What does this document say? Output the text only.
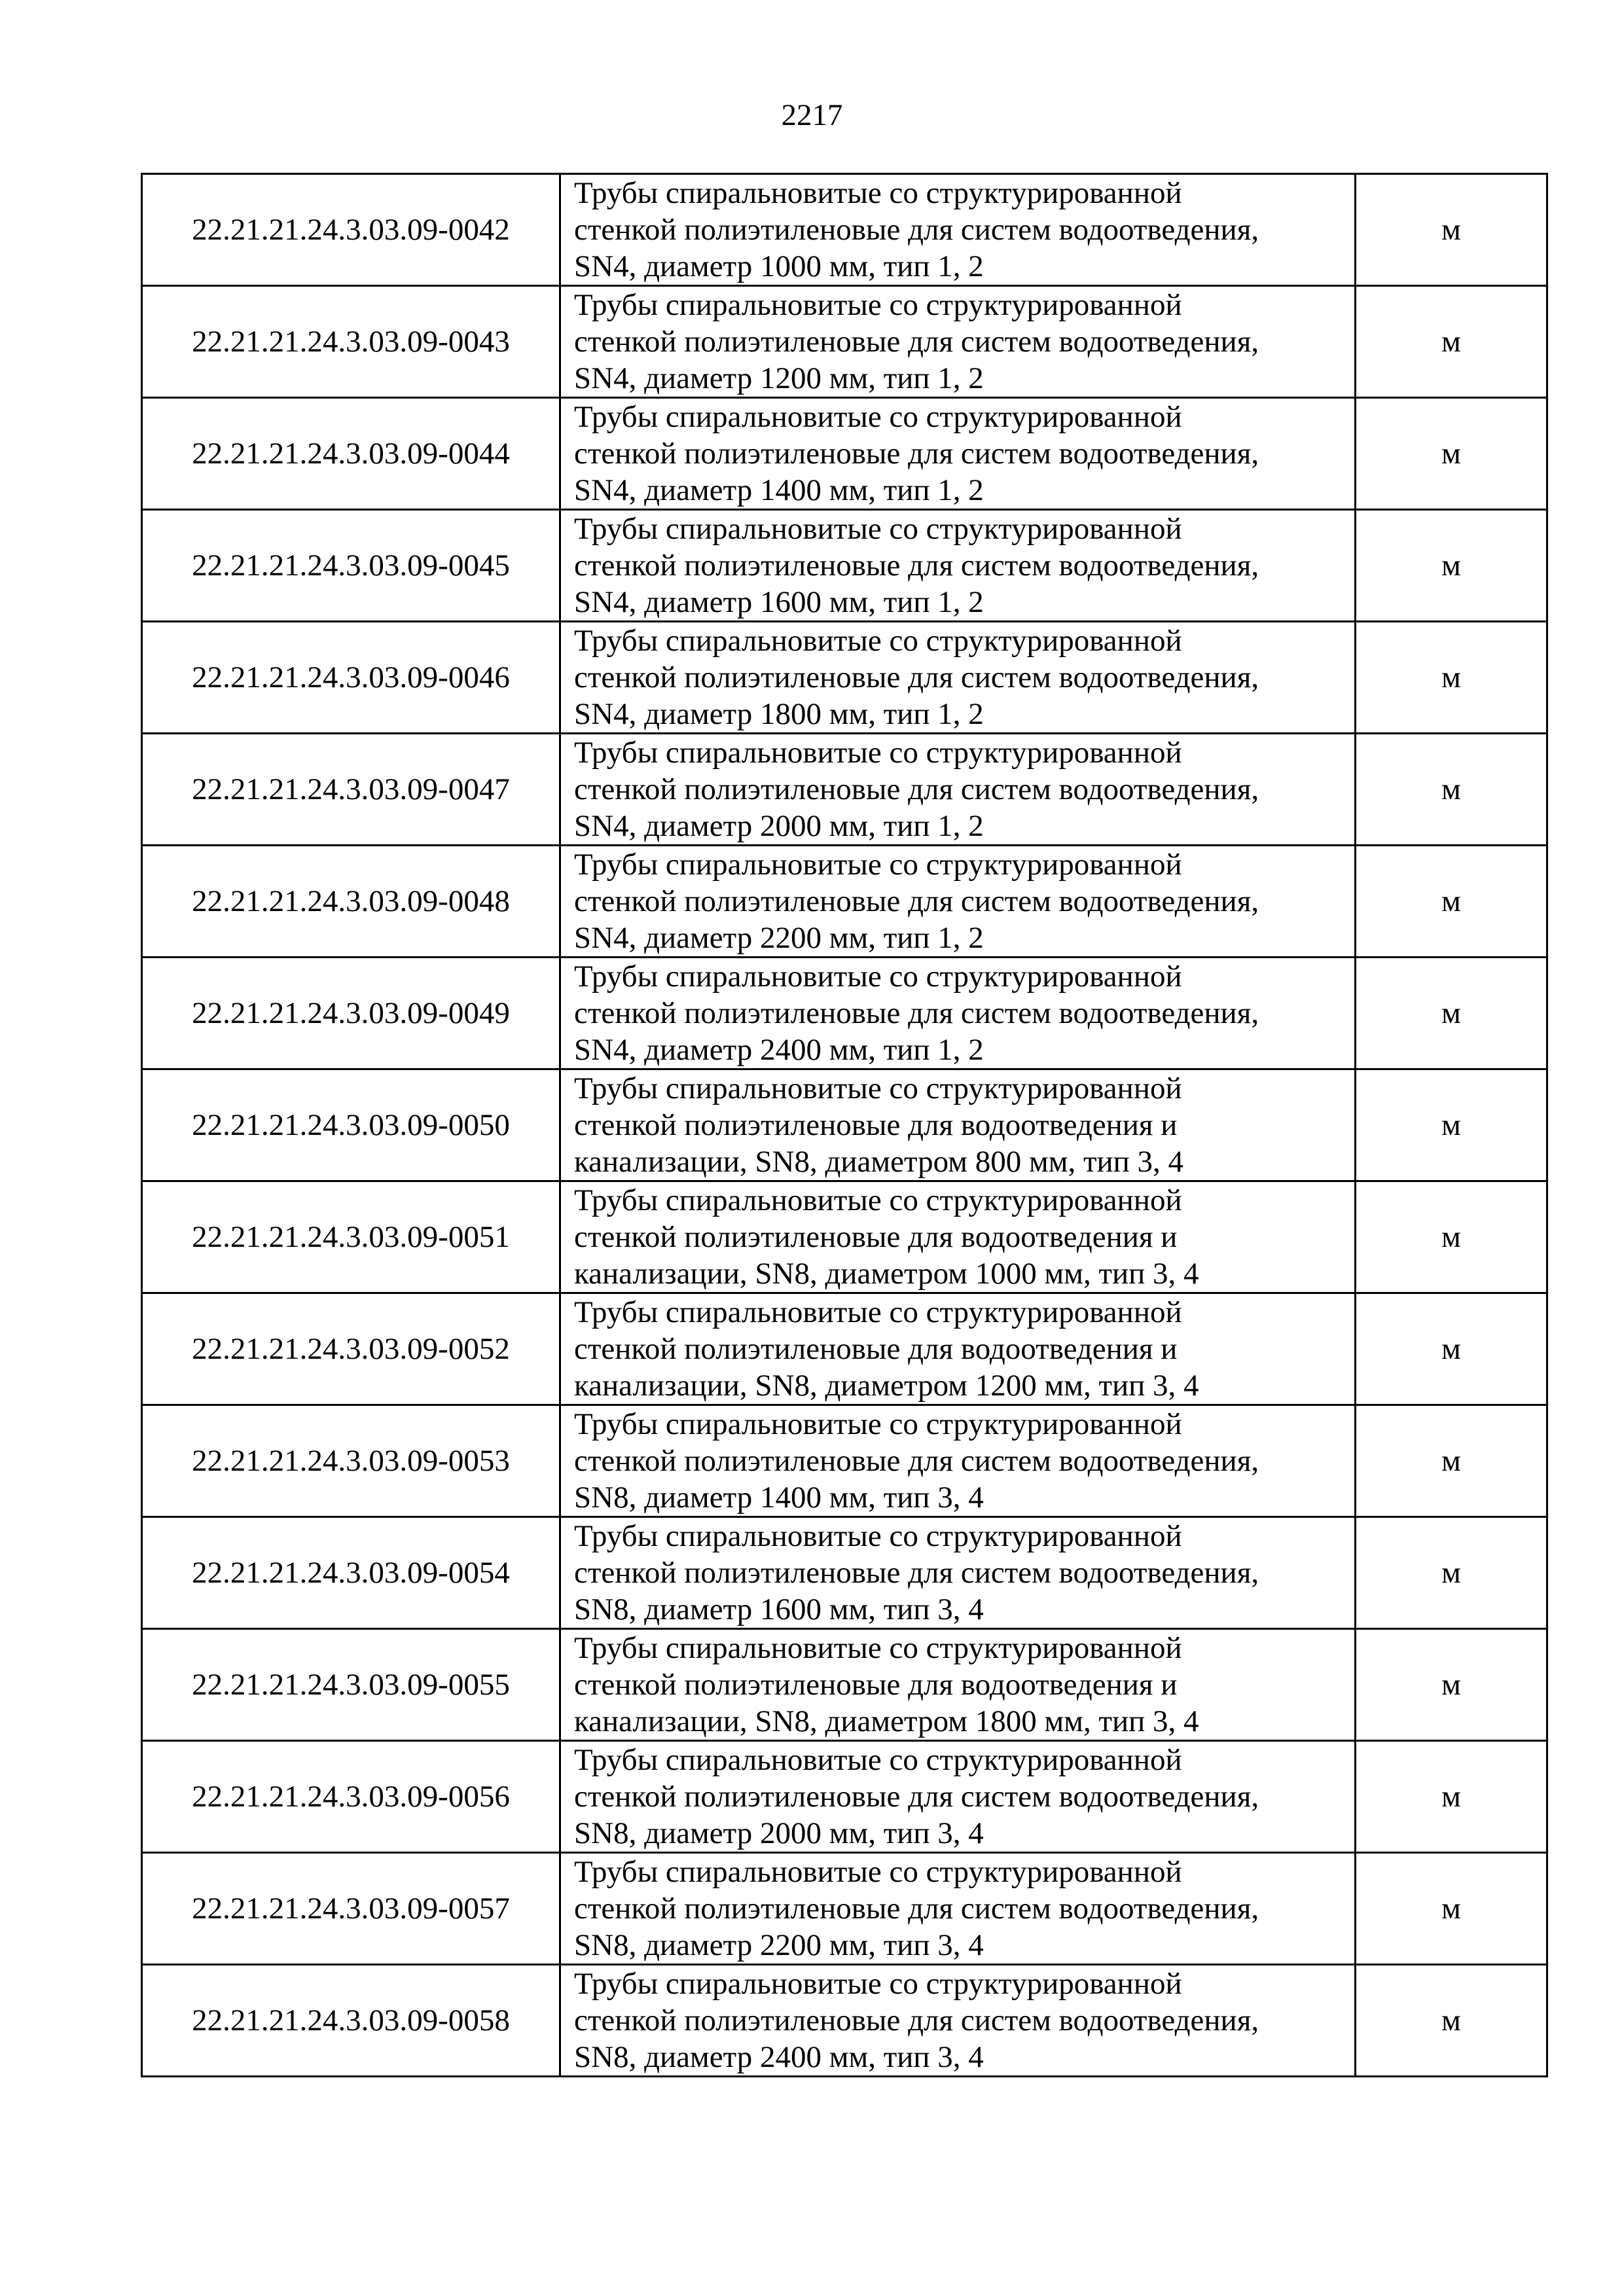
2217
22.21.21.24.3.03.09-0042	Трубы спиральновитые со структурированной
стенкой полиэтиленовые для систем водоотведения,
SN4, диаметр 1000 мм, тип 1, 2	м
22.21.21.24.3.03.09-0043	Трубы спиральновитые со структурированной
стенкой полиэтиленовые для систем водоотведения,
SN4, диаметр 1200 мм, тип 1, 2	м
22.21.21.24.3.03.09-0044	Трубы спиральновитые со структурированной
стенкой полиэтиленовые для систем водоотведения,
SN4, диаметр 1400 мм, тип 1, 2	м
22.21.21.24.3.03.09-0045	Трубы спиральновитые со структурированной
стенкой полиэтиленовые для систем водоотведения,
SN4, диаметр 1600 мм, тип 1, 2	м
22.21.21.24.3.03.09-0046	Трубы спиральновитые со структурированной
стенкой полиэтиленовые для систем водоотведения,
SN4, диаметр 1800 мм, тип 1, 2	м
22.21.21.24.3.03.09-0047	Трубы спиральновитые со структурированной
стенкой полиэтиленовые для систем водоотведения,
SN4, диаметр 2000 мм, тип 1, 2	м
22.21.21.24.3.03.09-0048	Трубы спиральновитые со структурированной
стенкой полиэтиленовые для систем водоотведения,
SN4, диаметр 2200 мм, тип 1, 2	м
22.21.21.24.3.03.09-0049	Трубы спиральновитые со структурированной
стенкой полиэтиленовые для систем водоотведения,
SN4, диаметр 2400 мм, тип 1, 2	м
22.21.21.24.3.03.09-0050	Трубы спиральновитые со структурированной
стенкой полиэтиленовые для водоотведения и
канализации, SN8, диаметром 800 мм, тип 3, 4	м
22.21.21.24.3.03.09-0051	Трубы спиральновитые со структурированной
стенкой полиэтиленовые для водоотведения и
канализации, SN8, диаметром 1000 мм, тип 3, 4	м
22.21.21.24.3.03.09-0052	Трубы спиральновитые со структурированной
стенкой полиэтиленовые для водоотведения и
канализации, SN8, диаметром 1200 мм, тип 3, 4	м
22.21.21.24.3.03.09-0053	Трубы спиральновитые со структурированной
стенкой полиэтиленовые для систем водоотведения,
SN8, диаметр 1400 мм, тип 3, 4	м
22.21.21.24.3.03.09-0054	Трубы спиральновитые со структурированной
стенкой полиэтиленовые для систем водоотведения,
SN8, диаметр 1600 мм, тип 3, 4	м
22.21.21.24.3.03.09-0055	Трубы спиральновитые со структурированной
стенкой полиэтиленовые для водоотведения и
канализации, SN8, диаметром 1800 мм, тип 3, 4	м
22.21.21.24.3.03.09-0056	Трубы спиральновитые со структурированной
стенкой полиэтиленовые для систем водоотведения,
SN8, диаметр 2000 мм, тип 3, 4	м
22.21.21.24.3.03.09-0057	Трубы спиральновитые со структурированной
стенкой полиэтиленовые для систем водоотведения,
SN8, диаметр 2200 мм, тип 3, 4	м
22.21.21.24.3.03.09-0058	Трубы спиральновитые со структурированной
стенкой полиэтиленовые для систем водоотведения,
SN8, диаметр 2400 мм, тип 3, 4	м
